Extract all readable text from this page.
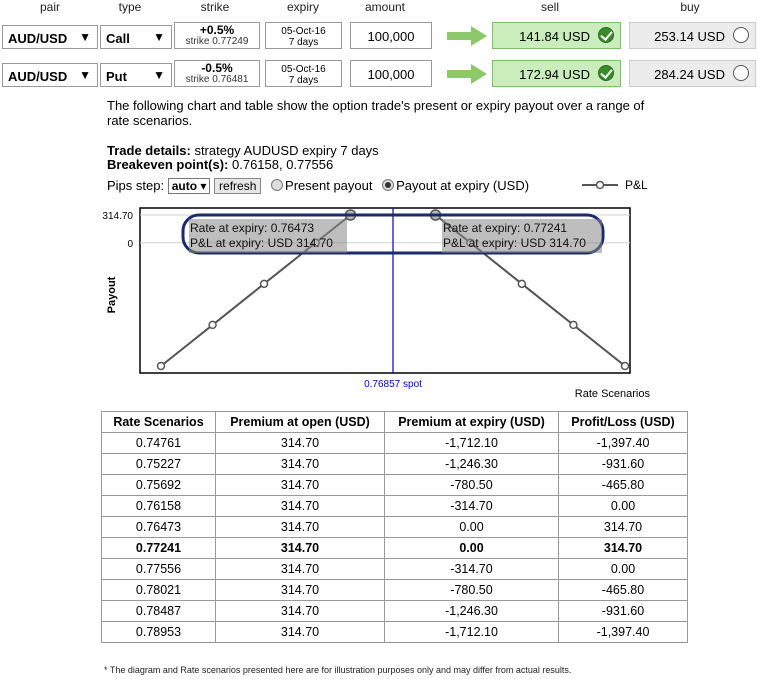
pair	type	strike	expiry	amount	sell	buy
AUD/USD ▼	Call ▼	+0.5%
strike 0.77249
05-Oct-16
7 days	100,000	141.84 USD	253.14 USD
AUD/USD ▼	Put ▼	-0.5%
strike 0.76481
05-Oct-16
7 days	100,000	172.94 USD	284.24 USD
The following chart and table show the option trade's present or expiry payout over a range of rate scenarios.
Trade details: strategy AUDUSD expiry 7 days
Breakeven point(s): 0.76158, 0.77556
Pips step: auto ▾ refresh Present payout Payout at expiry (USD)	P&L
Payout
Rate Scenarios
314.70
0
0.76857 spot
Rate at expiry: 0.76473
P&L at expiry: USD 314.70
Rate at expiry: 0.77241
P&L at expiry: USD 314.70
Rate Scenarios	Premium at open (USD)	Premium at expiry (USD)	Profit/Loss (USD)
0.74761	314.70	-1,712.10	-1,397.40
0.75227	314.70	-1,246.30	-931.60
0.75692	314.70	-780.50	-465.80
0.76158	314.70	-314.70	0.00
0.76473	314.70	0.00	314.70
0.77241	314.70	0.00	314.70
0.77556	314.70	-314.70	0.00
0.78021	314.70	-780.50	-465.80
0.78487	314.70	-1,246.30	-931.60
0.78953	314.70	-1,712.10	-1,397.40
* The diagram and Rate scenarios presented here are for illustration purposes only and may differ from actual results.
